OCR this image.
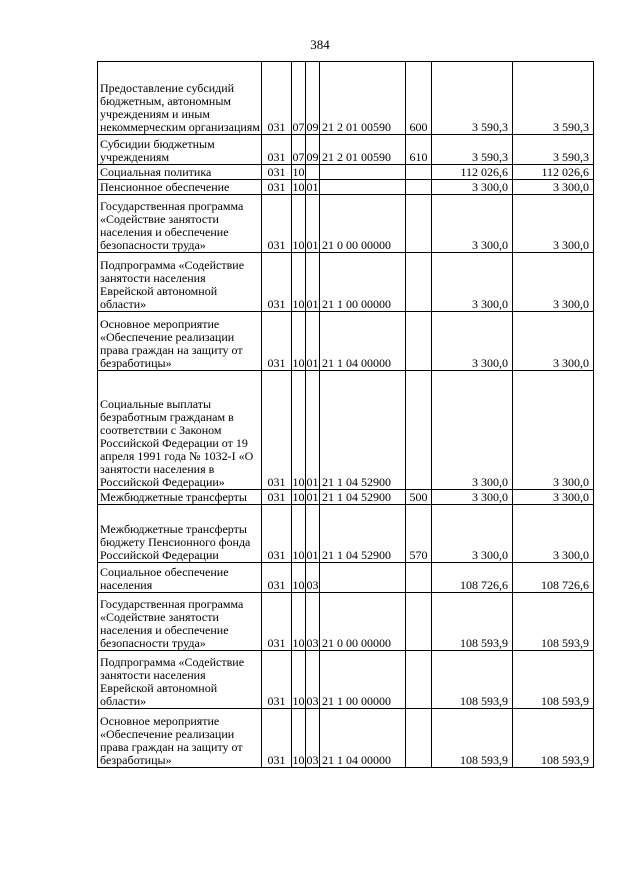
384
Предоставление субсидий бюджетным, автономным учреждениям и иным некоммерческим организациям	031	07	09	21 2 01 00590	600	3 590,3	3 590,3
Субсидии бюджетным учреждениям	031	07	09	21 2 01 00590	610	3 590,3	3 590,3
Социальная политика	031	10				112 026,6	112 026,6
Пенсионное обеспечение	031	10	01			3 300,0	3 300,0
Государственная программа «Содействие занятости населения и обеспечение безопасности труда»	031	10	01	21 0 00 00000		3 300,0	3 300,0
Подпрограмма «Содействие занятости населения Еврейской автономной области»	031	10	01	21 1 00 00000		3 300,0	3 300,0
Основное мероприятие «Обеспечение реализации права граждан на защиту от безработицы»	031	10	01	21 1 04 00000		3 300,0	3 300,0
Социальные выплаты безработным гражданам в соответствии с Законом Российской Федерации от 19 апреля 1991 года № 1032-I «О занятости населения в Российской Федерации»	031	10	01	21 1 04 52900		3 300,0	3 300,0
Межбюджетные трансферты	031	10	01	21 1 04 52900	500	3 300,0	3 300,0
Межбюджетные трансферты бюджету Пенсионного фонда Российской Федерации	031	10	01	21 1 04 52900	570	3 300,0	3 300,0
Социальное обеспечение населения	031	10	03			108 726,6	108 726,6
Государственная программа «Содействие занятости населения и обеспечение безопасности труда»	031	10	03	21 0 00 00000		108 593,9	108 593,9
Подпрограмма «Содействие занятости населения Еврейской автономной области»	031	10	03	21 1 00 00000		108 593,9	108 593,9
Основное мероприятие «Обеспечение реализации права граждан на защиту от безработицы»	031	10	03	21 1 04 00000		108 593,9	108 593,9
